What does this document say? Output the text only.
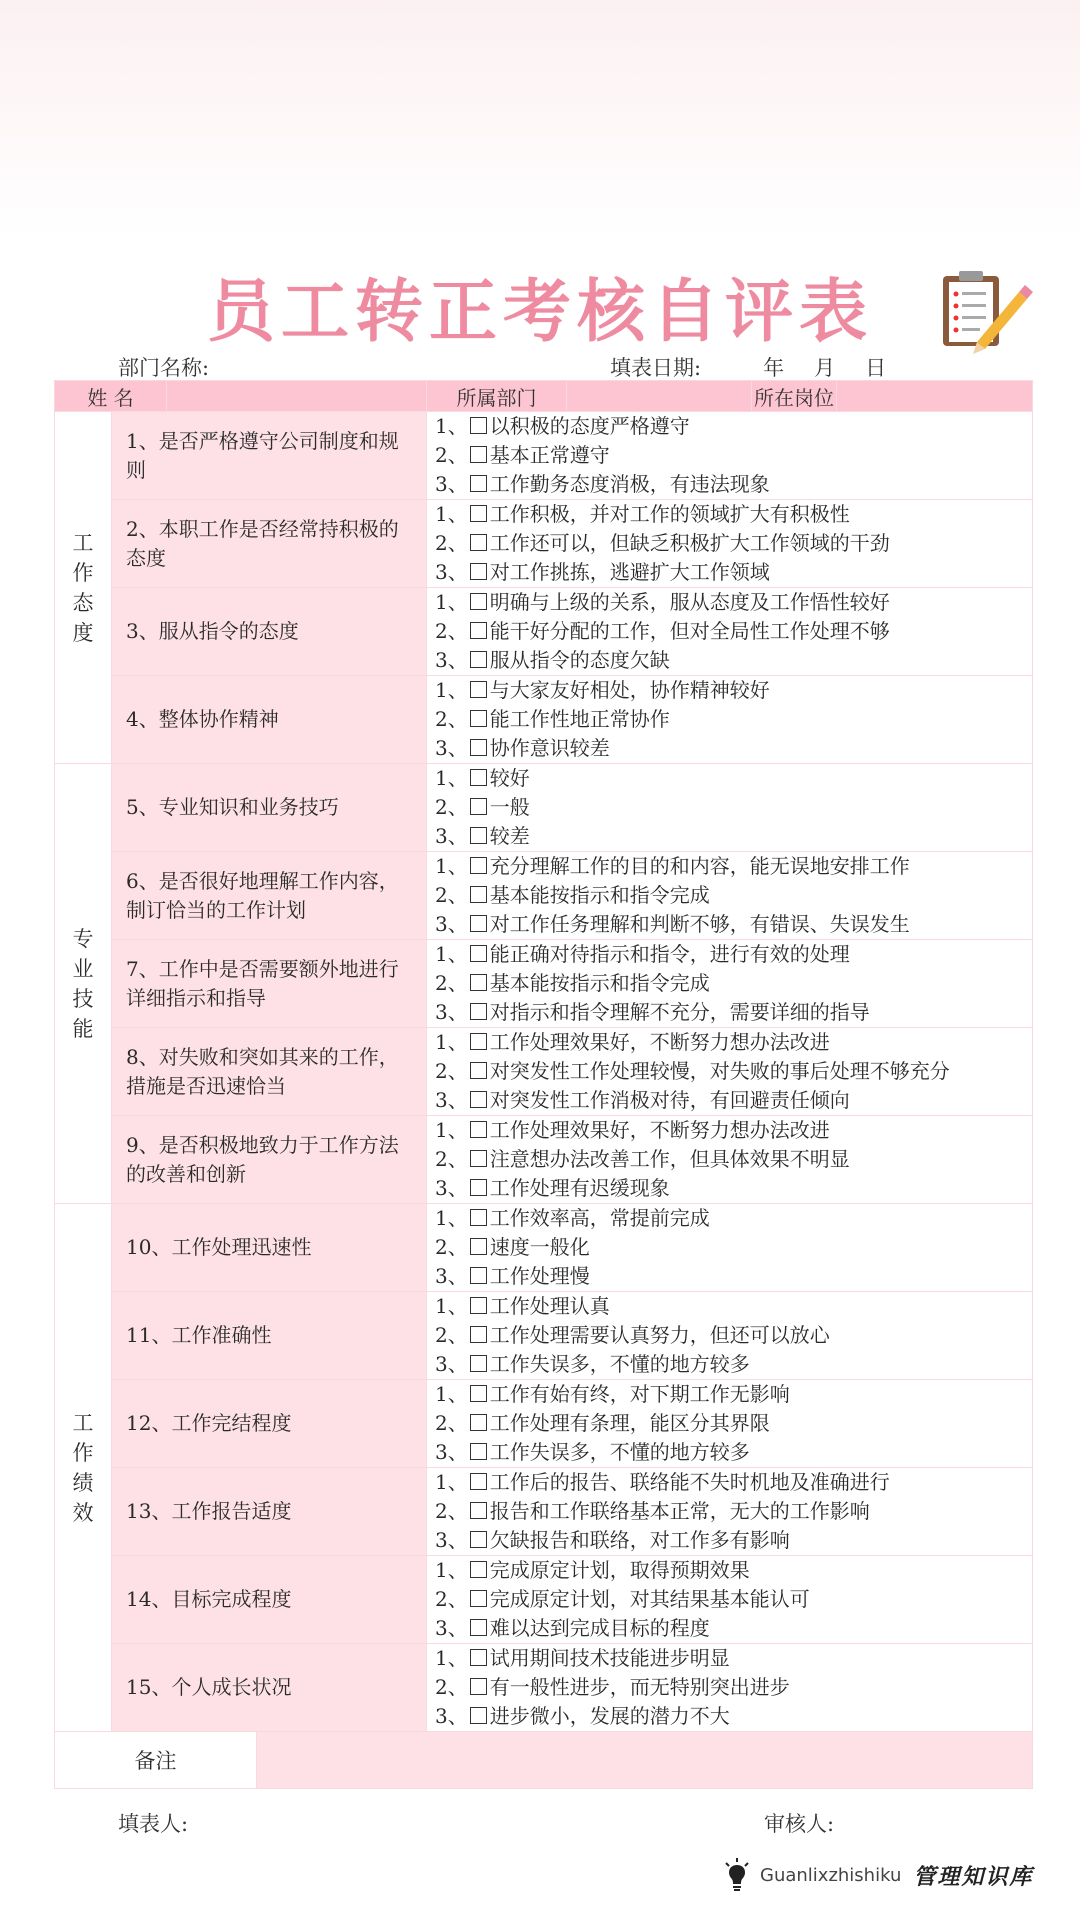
员工转正考核自评表
部门名称:	填表日期:	年 月 日
姓 名				所属部门		所在岗位	
工作态度	1、是否严格遵守公司制度和规则			1、 以积极的态度严格遵守
2、 基本正常遵守
3、 工作勤务态度消极，有违法现象			

	2、本职工作是否经常持积极的态度			1、 工作积极，并对工作的领域扩大有积极性
2、 工作还可以，但缺乏积极扩大工作领域的干劲
3、 对工作挑拣，逃避扩大工作领域			

	3、服从指令的态度			1、 明确与上级的关系，服从态度及工作悟性较好
2、 能干好分配的工作，但对全局性工作处理不够
3、 服从指令的态度欠缺			

	4、整体协作精神			1、 与大家友好相处，协作精神较好
2、 能工作性地正常协作
3、 协作意识较差			

专业技能	5、专业知识和业务技巧			1、 较好
2、 一般
3、 较差			

	6、是否很好地理解工作内容，制订恰当的工作计划			1、 充分理解工作的目的和内容，能无误地安排工作
2、 基本能按指示和指令完成
3、 对工作任务理解和判断不够，有错误、失误发生			

	7、工作中是否需要额外地进行详细指示和指导			1、 能正确对待指示和指令，进行有效的处理
2、 基本能按指示和指令完成
3、 对指示和指令理解不充分，需要详细的指导			

	8、对失败和突如其来的工作，措施是否迅速恰当			1、 工作处理效果好，不断努力想办法改进
2、 对突发性工作处理较慢，对失败的事后处理不够充分
3、 对突发性工作消极对待，有回避责任倾向			

	9、是否积极地致力于工作方法的改善和创新			1、 工作处理效果好，不断努力想办法改进
2、 注意想办法改善工作，但具体效果不明显
3、 工作处理有迟缓现象			

工作绩效	10、工作处理迅速性			1、 工作效率高，常提前完成
2、 速度一般化
3、 工作处理慢			

	11、工作准确性			1、 工作处理认真
2、 工作处理需要认真努力，但还可以放心
3、 工作失误多，不懂的地方较多			

	12、工作完结程度			1、 工作有始有终，对下期工作无影响
2、 工作处理有条理，能区分其界限
3、 工作失误多，不懂的地方较多			

	13、工作报告适度			1、 工作后的报告、联络能不失时机地及准确进行
2、 报告和工作联络基本正常，无大的工作影响
3、 欠缺报告和联络，对工作多有影响			

	14、目标完成程度			1、 完成原定计划，取得预期效果
2、 完成原定计划，对其结果基本能认可
3、 难以达到完成目标的程度			

	15、个人成长状况			1、 试用期间技术技能进步明显
2、 有一般性进步，而无特别突出进步
3、 进步微小，发展的潜力不大			

备注							
填表人:	审核人:
Guanlixzhishiku 管理知识库
